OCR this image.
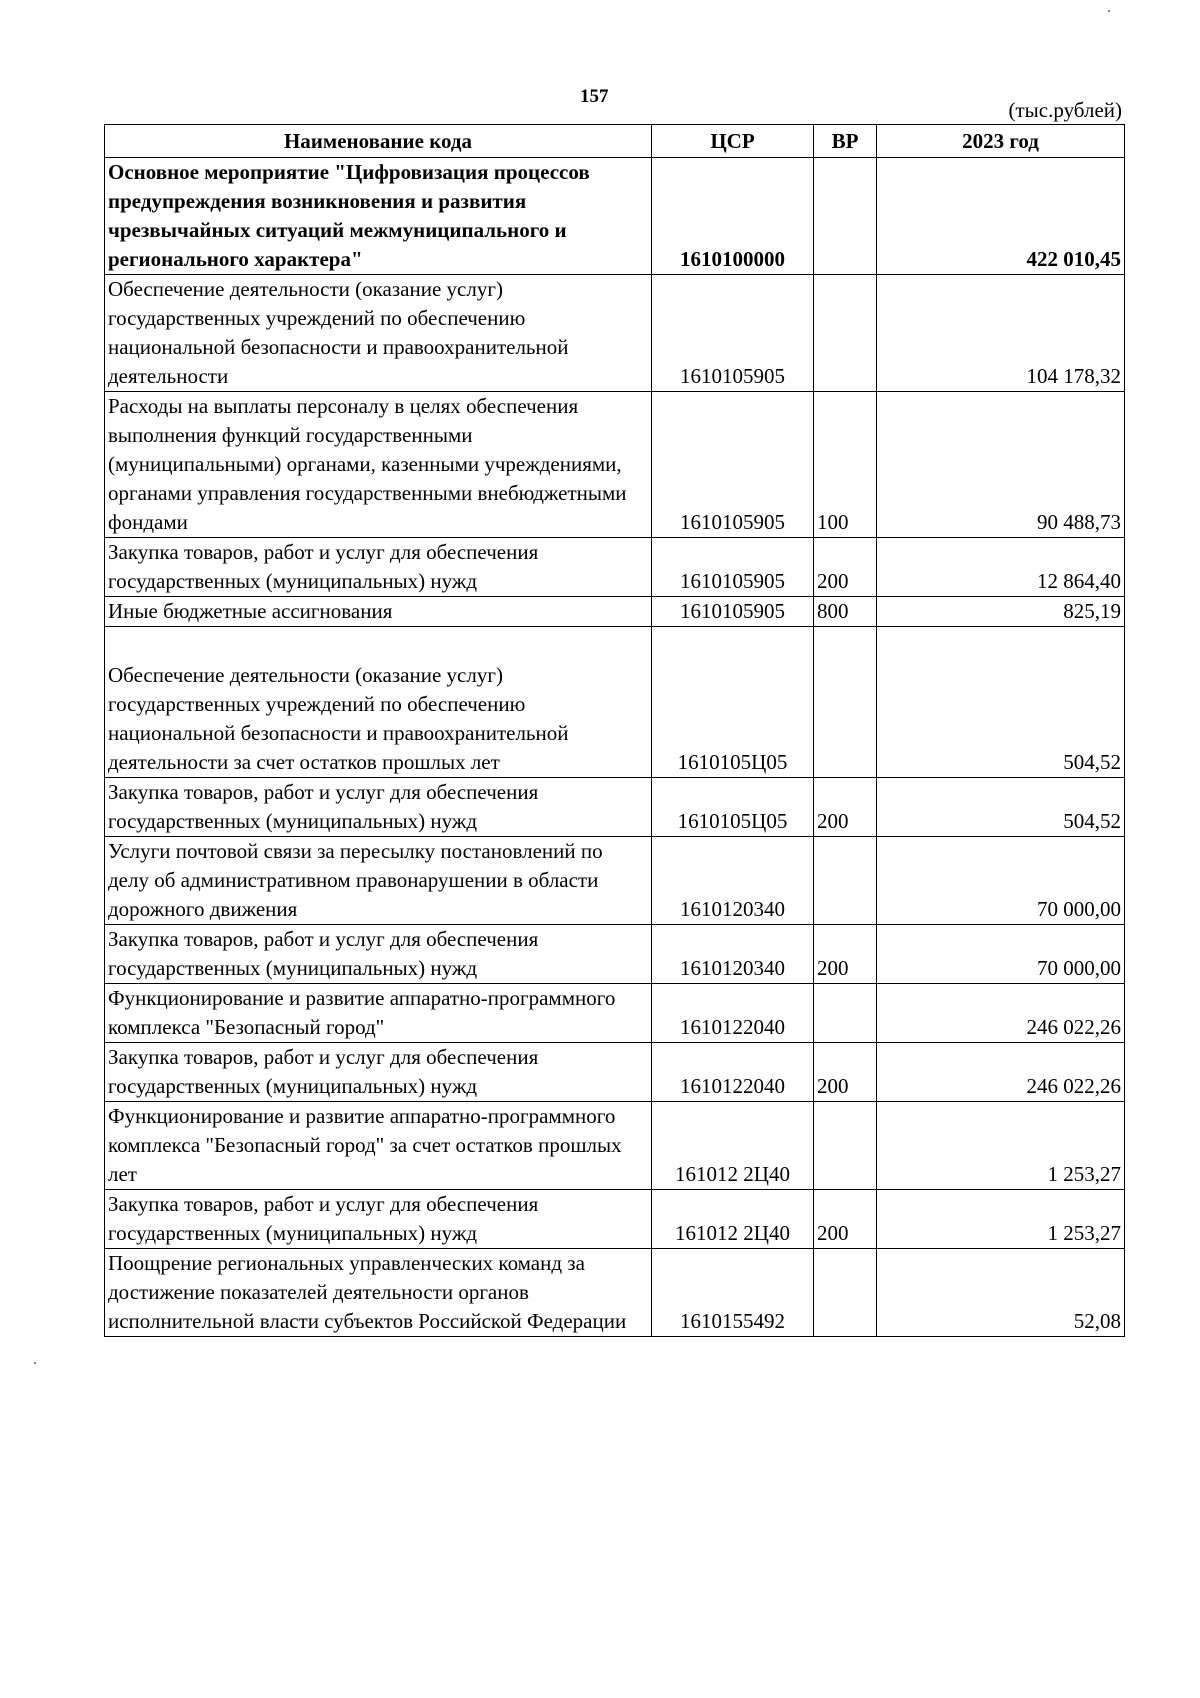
157
(тыс.рублей)
Наименование кода	ЦСР	ВР	2023 год
Основное мероприятие "Цифровизация процессов предупреждения возникновения и развития чрезвычайных ситуаций межмуниципального и регионального характера"	1610100000		422 010,45
Обеспечение деятельности (оказание услуг) государственных учреждений по обеспечению национальной безопасности и правоохранительной деятельности	1610105905		104 178,32
Расходы на выплаты персоналу в целях обеспечения выполнения функций государственными (муниципальными) органами, казенными учреждениями, органами управления государственными внебюджетными фондами	1610105905	100	90 488,73
Закупка товаров, работ и услуг для обеспечения государственных (муниципальных) нужд	1610105905	200	12 864,40
Иные бюджетные ассигнования	1610105905	800	825,19
Обеспечение деятельности (оказание услуг) государственных учреждений по обеспечению национальной безопасности и правоохранительной деятельности за счет остатков прошлых лет	1610105Ц05		504,52
Закупка товаров, работ и услуг для обеспечения государственных (муниципальных) нужд	1610105Ц05	200	504,52
Услуги почтовой связи за пересылку постановлений по делу об административном правонарушении в области дорожного движения	1610120340		70 000,00
Закупка товаров, работ и услуг для обеспечения государственных (муниципальных) нужд	1610120340	200	70 000,00
Функционирование и развитие аппаратно-программного комплекса "Безопасный город"	1610122040		246 022,26
Закупка товаров, работ и услуг для обеспечения государственных (муниципальных) нужд	1610122040	200	246 022,26
Функционирование и развитие аппаратно-программного комплекса "Безопасный город" за счет остатков прошлых лет	161012 2Ц40		1 253,27
Закупка товаров, работ и услуг для обеспечения государственных (муниципальных) нужд	161012 2Ц40	200	1 253,27
Поощрение региональных управленческих команд за достижение показателей деятельности органов исполнительной власти субъектов Российской Федерации	1610155492		52,08
